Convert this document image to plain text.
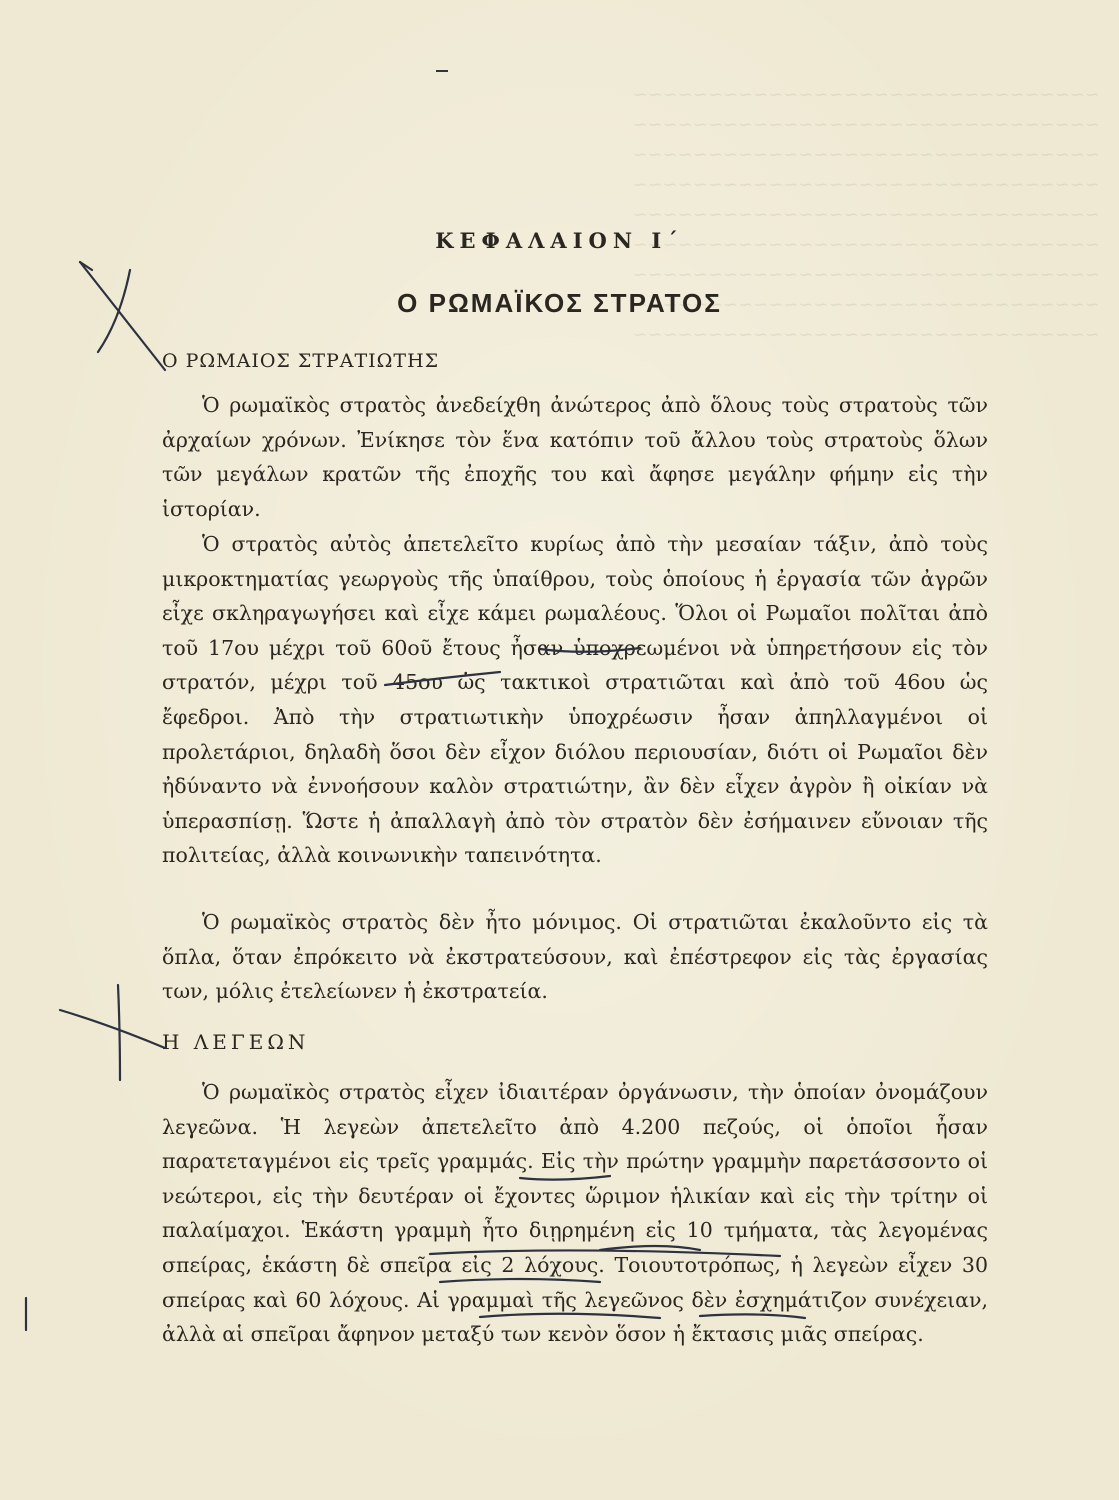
~~~~~~~~~~~~~~~~~~~~~~~~~~~~~~~
~~~~~~~~~~~~~~~~~~~~~~~~~~~~~~~
~~~~~~~~~~~~~~~~~~~~~~~~~~~~~~~
~~~~~~~~~~~~~~~~~~~~~~~~~~~~~~~
~~~~~~~~~~~~~~~~~~~~~~~~~~~~~~~
~~~~~~~~~~~~~~~~~~~~~~~~~~~~~~~
~~~~~~~~~~~~~~~~~~~~~~~~~~~~~~~
~~~~~~~~~~~~~~~~~~~~~~~~~~~~~~~
~~~~~~~~~~~~~~~~~~~~~~~~~~~~~~~
ΚΕΦΑΛΑΙΟΝ Ι΄
Ο ΡΩΜΑΪΚΟΣ ΣΤΡΑΤΟΣ
Ο ΡΩΜΑΙΟΣ ΣΤΡΑΤΙΩΤΗΣ

Ὁ ρωμαϊκὸς στρατὸς ἀνεδείχθη ἀνώτερος ἀπὸ ὅλους τοὺς στρατοὺς τῶν ἀρχαίων χρόνων. Ἐνίκησε τὸν ἕνα κατόπιν τοῦ ἄλλου τοὺς στρατοὺς ὅλων τῶν μεγάλων κρατῶν τῆς ἐποχῆς του καὶ ἄφησε μεγάλην φήμην εἰς τὴν ἱστορίαν.

Ὁ στρατὸς αὐτὸς ἀπετελεῖτο κυρίως ἀπὸ τὴν μεσαίαν τάξιν, ἀπὸ τοὺς μικροκτηματίας γεωργοὺς τῆς ὑπαίθρου, τοὺς ὁποίους ἡ ἐργασία τῶν ἀγρῶν εἶχε σκληραγωγήσει καὶ εἶχε κάμει ρωμαλέους. Ὅλοι οἱ Ρωμαῖοι πολῖται ἀπὸ τοῦ 17ου μέχρι τοῦ 60οῦ ἔτους ἦσαν ὑποχρεωμένοι νὰ ὑπηρετήσουν εἰς τὸν στρατόν, μέχρι τοῦ 45ου ὡς τακτικοὶ στρατιῶται καὶ ἀπὸ τοῦ 46ου ὡς ἔφεδροι. Ἀπὸ τὴν στρατιωτικὴν ὑποχρέωσιν ἦσαν ἀπηλλαγμένοι οἱ προλετάριοι, δηλαδὴ ὅσοι δὲν εἶχον διόλου περιουσίαν, διότι οἱ Ρωμαῖοι δὲν ἠδύναντο νὰ ἐννοήσουν καλὸν στρατιώτην, ἂν δὲν εἶχεν ἀγρὸν ἢ οἰκίαν νὰ ὑπερασπίσῃ. Ὥστε ἡ ἀπαλλαγὴ ἀπὸ τὸν στρατὸν δὲν ἐσήμαινεν εὔνοιαν τῆς πολιτείας, ἀλλὰ κοινωνικὴν ταπεινότητα.

Ὁ ρωμαϊκὸς στρατὸς δὲν ἦτο μόνιμος. Οἱ στρατιῶται ἐκαλοῦντο εἰς τὰ ὅπλα, ὅταν ἐπρόκειτο νὰ ἐκστρατεύσουν, καὶ ἐπέστρεφον εἰς τὰς ἐργασίας των, μόλις ἐτελείωνεν ἡ ἐκστρατεία.

Η ΛΕΓΕΩΝ

Ὁ ρωμαϊκὸς στρατὸς εἶχεν ἰδιαιτέραν ὀργάνωσιν, τὴν ὁποίαν ὀνομάζουν λεγεῶνα. Ἡ λεγεὼν ἀπετελεῖτο ἀπὸ 4.200 πεζούς, οἱ ὁποῖοι ἦσαν παρατεταγμένοι εἰς τρεῖς γραμμάς. Εἰς τὴν πρώτην γραμμὴν παρετάσσοντο οἱ νεώτεροι, εἰς τὴν δευτέραν οἱ ἔχοντες ὥριμον ἡλικίαν καὶ εἰς τὴν τρίτην οἱ παλαίμαχοι. Ἑκάστη γραμμὴ ἦτο διῃρημένη εἰς 10 τμήματα, τὰς λεγομένας σπείρας, ἑκάστη δὲ σπεῖρα εἰς 2 λόχους. Τοιουτοτρόπως, ἡ λεγεὼν εἶχεν 30 σπείρας καὶ 60 λόχους. Αἱ γραμμαὶ τῆς λεγεῶνος δὲν ἐσχημάτιζον συνέχειαν, ἀλλὰ αἱ σπεῖραι ἄφηνον μεταξύ των κενὸν ὅσον ἡ ἔκτασις μιᾶς σπείρας.
